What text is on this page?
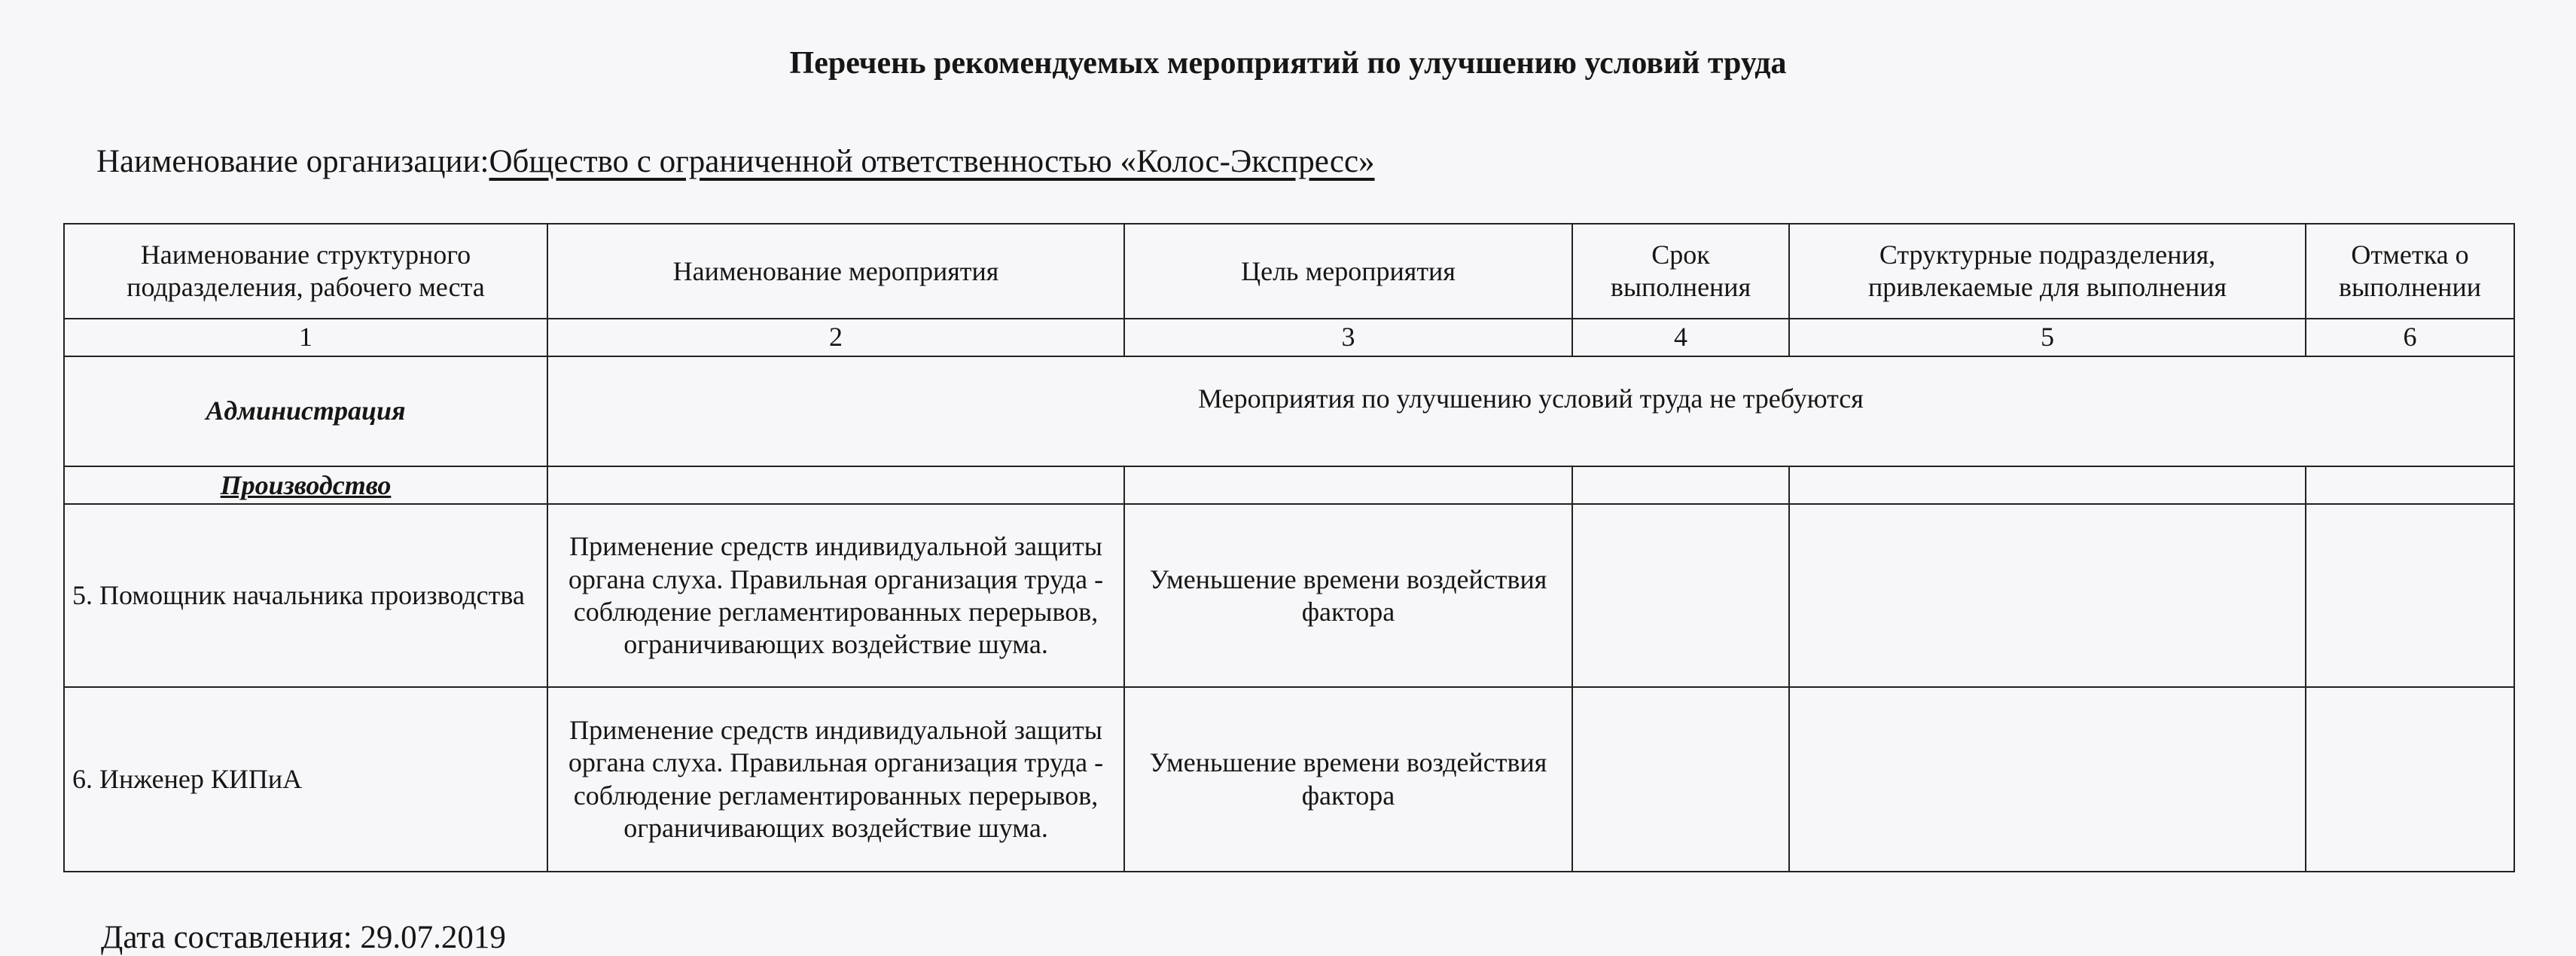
Перечень рекомендуемых мероприятий по улучшению условий труда
Наименование организации:Общество с ограниченной ответственностью «Колос-Экспресс»
Наименование структурного подразделения, рабочего места	Наименование мероприятия	Цель мероприятия	Срок выполнения	Структурные подразделения, привлекаемые для выполнения	Отметка о выполнении
1	2	3	4	5	6
Администрация	Мероприятия по улучшению условий труда не требуются				
Производство					
5. Помощник начальника производства	Применение средств индивидуальной защиты органа слуха. Правильная организация труда - соблюдение регламентированных перерывов, ограничивающих воздействие шума.	Уменьшение времени воздействия фактора			
6. Инженер КИПиА	Применение средств индивидуальной защиты органа слуха. Правильная организация труда - соблюдение регламентированных перерывов, ограничивающих воздействие шума.	Уменьшение времени воздействия фактора			
Дата составления: 29.07.2019
